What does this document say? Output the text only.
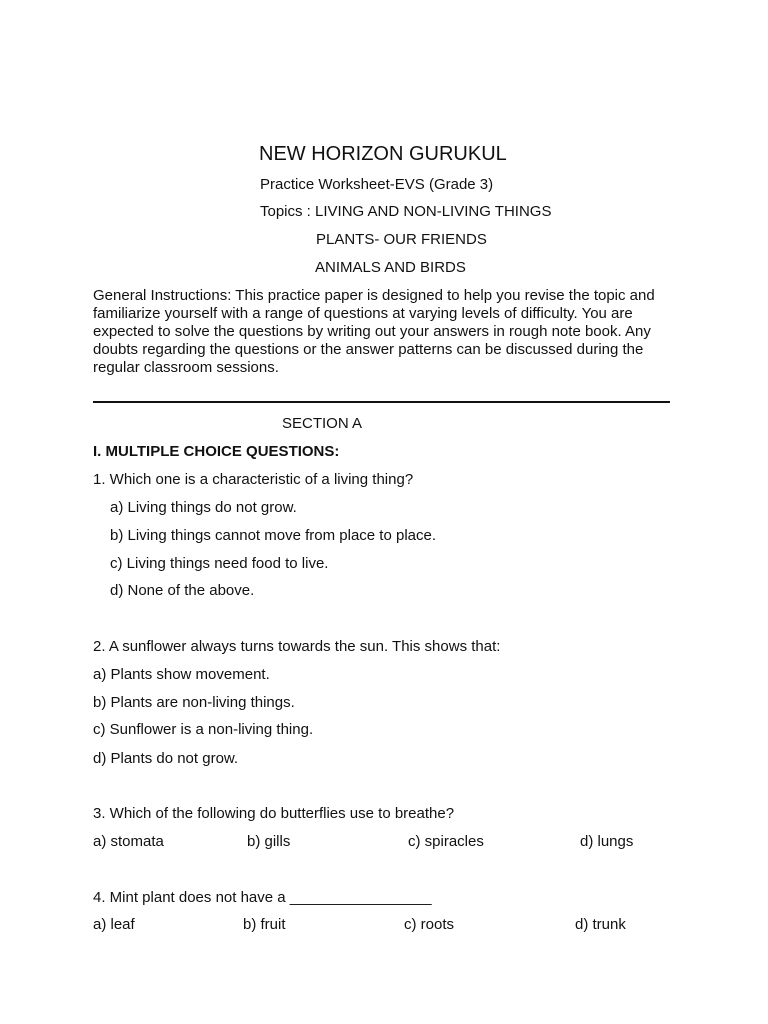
NEW HORIZON GURUKUL
Practice Worksheet-EVS (Grade 3)
Topics : LIVING AND NON-LIVING THINGS
PLANTS- OUR FRIENDS
ANIMALS AND BIRDS
General Instructions: This practice paper is designed to help you revise the topic and familiarize yourself with a range of questions at varying levels of difficulty. You are expected to solve the questions by writing out your answers in rough note book. Any doubts regarding the questions or the answer patterns can be discussed during the regular classroom sessions.
SECTION A
I. MULTIPLE CHOICE QUESTIONS:
1. Which one is a characteristic of a living thing?
a) Living things do not grow.
b) Living things cannot move from place to place.
c) Living things need food to live.
d) None of the above.
2. A sunflower always turns towards the sun. This shows that:
a) Plants show movement.
b) Plants are non-living things.
c) Sunflower is a non-living thing.
d) Plants do not grow.
3. Which of the following do butterflies use to breathe?
a) stomata	b) gills	c) spiracles	d) lungs
4. Mint plant does not have a _________________
a) leaf	b) fruit	c) roots	d) trunk
